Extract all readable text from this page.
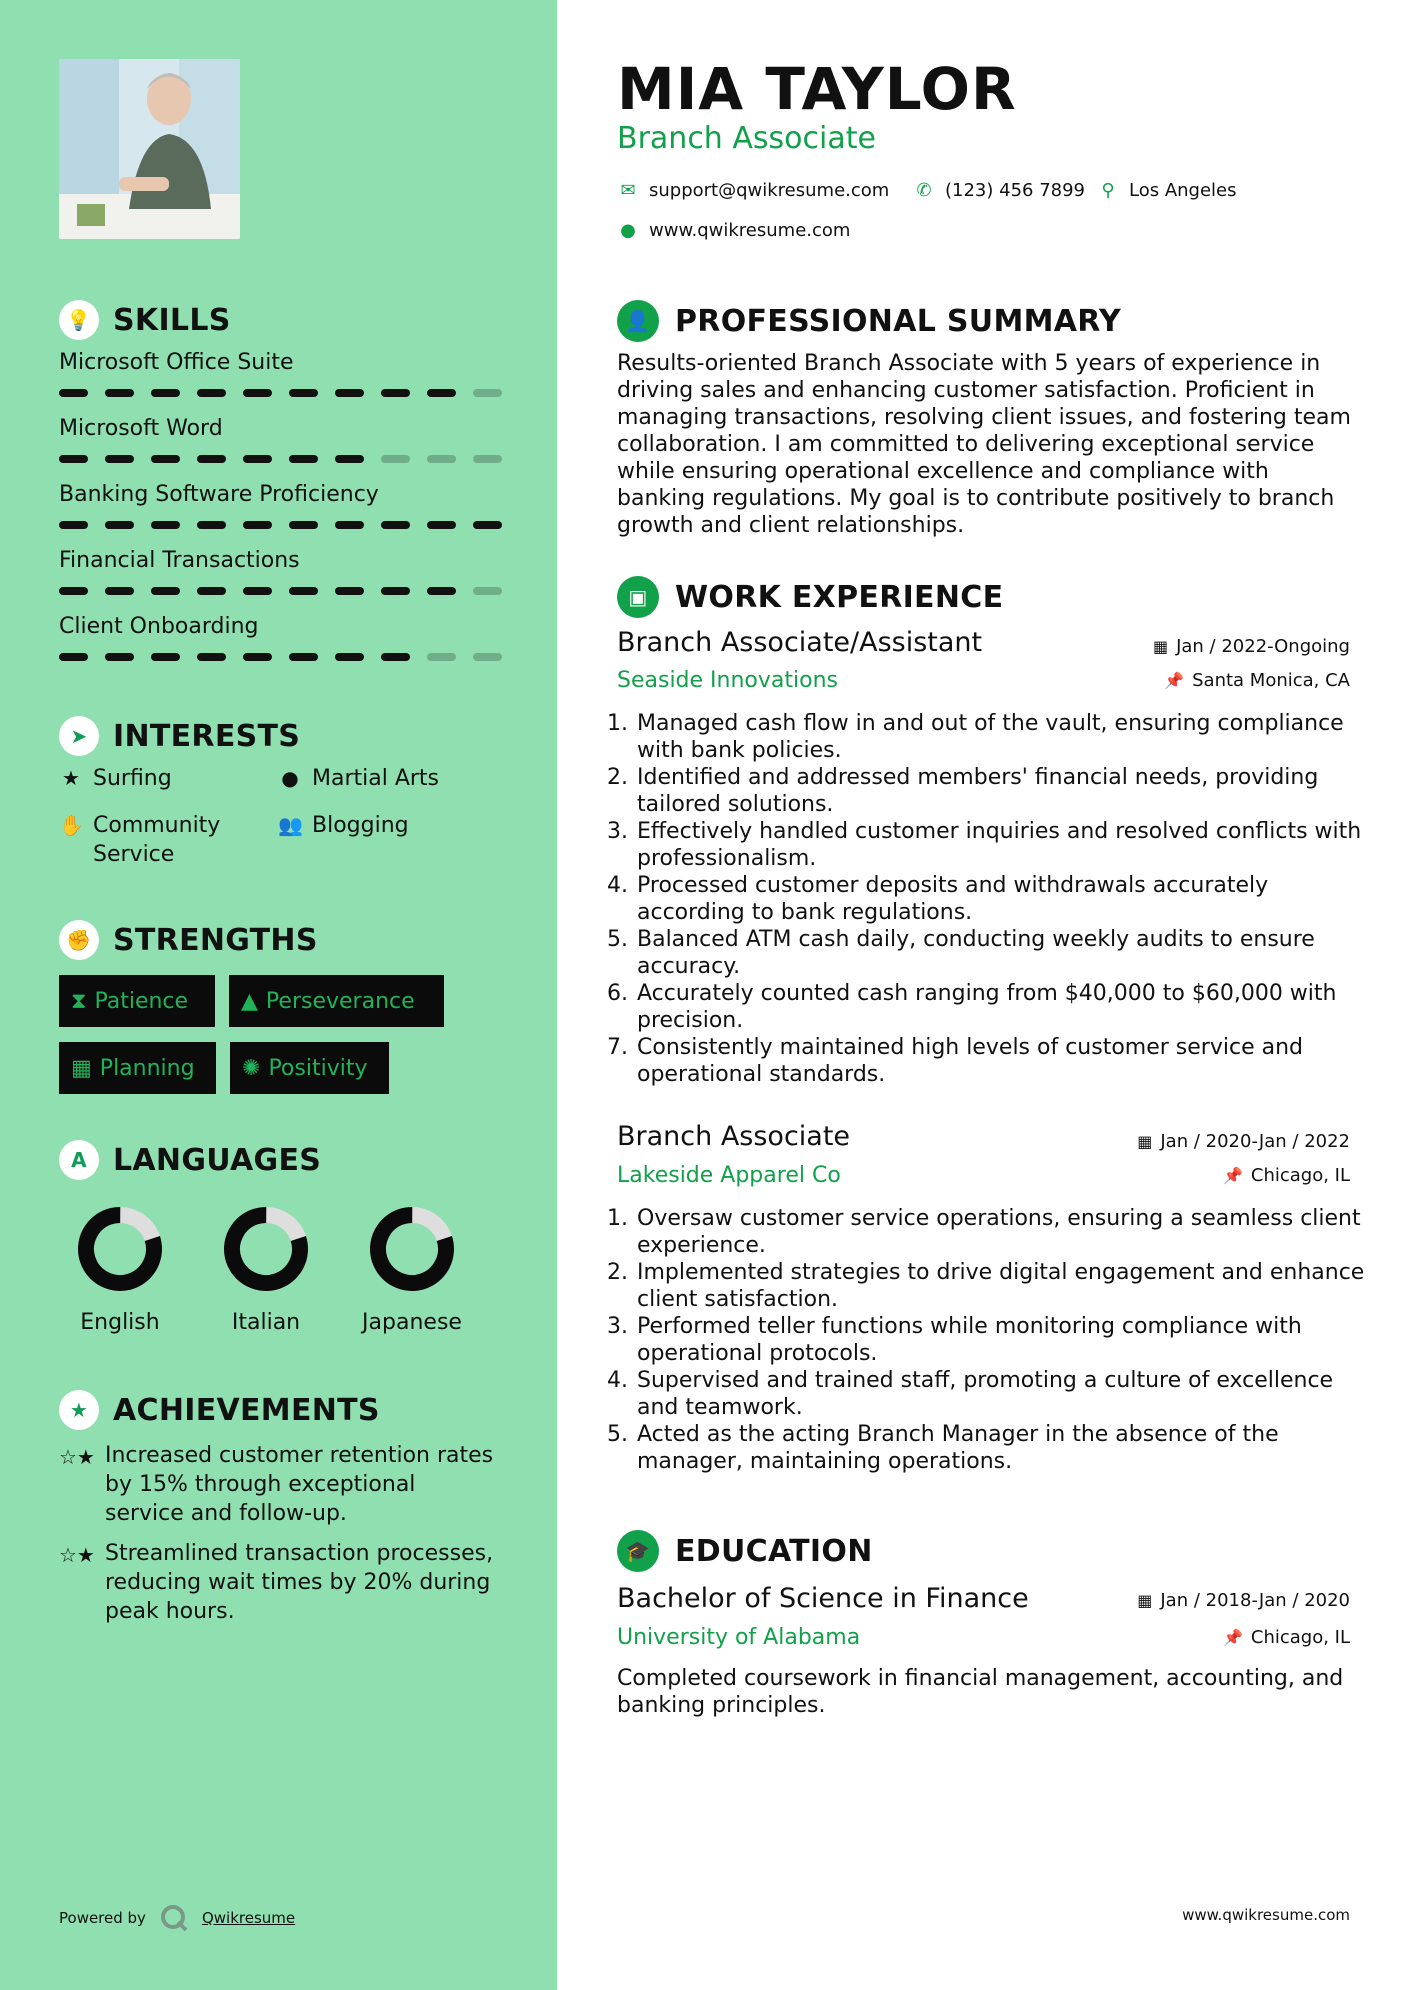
💡 SKILLS
Microsoft Office Suite
Microsoft Word
Banking Software Proficiency
Financial Transactions
Client Onboarding
➤ INTERESTS
★ Surfing	● Martial Arts
✋ Community Service
👥 Blogging
✊ STRENGTHS
⧗ Patience ▲ Perseverance
▦ Planning ✺ Positivity
A LANGUAGES
English	Italian	Japanese
★ ACHIEVEMENTS
☆★ Increased customer retention rates by 15% through exceptional service and follow-up.
☆★ Streamlined transaction processes, reducing wait times by 20% during peak hours.
Powered by	Qwikresume
MIA TAYLOR
Branch Associate
✉ support@qwikresume.com ✆ (123) 456 7899 ⚲ Los Angeles
● www.qwikresume.com
👤 PROFESSIONAL SUMMARY
Results-oriented Branch Associate with 5 years of experience in driving sales and enhancing customer satisfaction. Proficient in managing transactions, resolving client issues, and fostering team collaboration. I am committed to delivering exceptional service while ensuring operational excellence and compliance with banking regulations. My goal is to contribute positively to branch growth and client relationships.
▣ WORK EXPERIENCE
Branch Associate/Assistant
Seaside Innovations
▦ Jan / 2022-Ongoing
📌 Santa Monica, CA
1. Managed cash flow in and out of the vault, ensuring compliance with bank policies.
2. Identified and addressed members' financial needs, providing tailored solutions.
3. Effectively handled customer inquiries and resolved conflicts with professionalism.
4. Processed customer deposits and withdrawals accurately according to bank regulations.
5. Balanced ATM cash daily, conducting weekly audits to ensure accuracy.
6. Accurately counted cash ranging from $40,000 to $60,000 with precision.
7. Consistently maintained high levels of customer service and operational standards.
Branch Associate
Lakeside Apparel Co
▦ Jan / 2020-Jan / 2022
📌 Chicago, IL
1. Oversaw customer service operations, ensuring a seamless client experience.
2. Implemented strategies to drive digital engagement and enhance client satisfaction.
3. Performed teller functions while monitoring compliance with operational protocols.
4. Supervised and trained staff, promoting a culture of excellence and teamwork.
5. Acted as the acting Branch Manager in the absence of the manager, maintaining operations.
🎓 EDUCATION
Bachelor of Science in Finance
University of Alabama
▦ Jan / 2018-Jan / 2020
📌 Chicago, IL
Completed coursework in financial management, accounting, and banking principles.
www.qwikresume.com
